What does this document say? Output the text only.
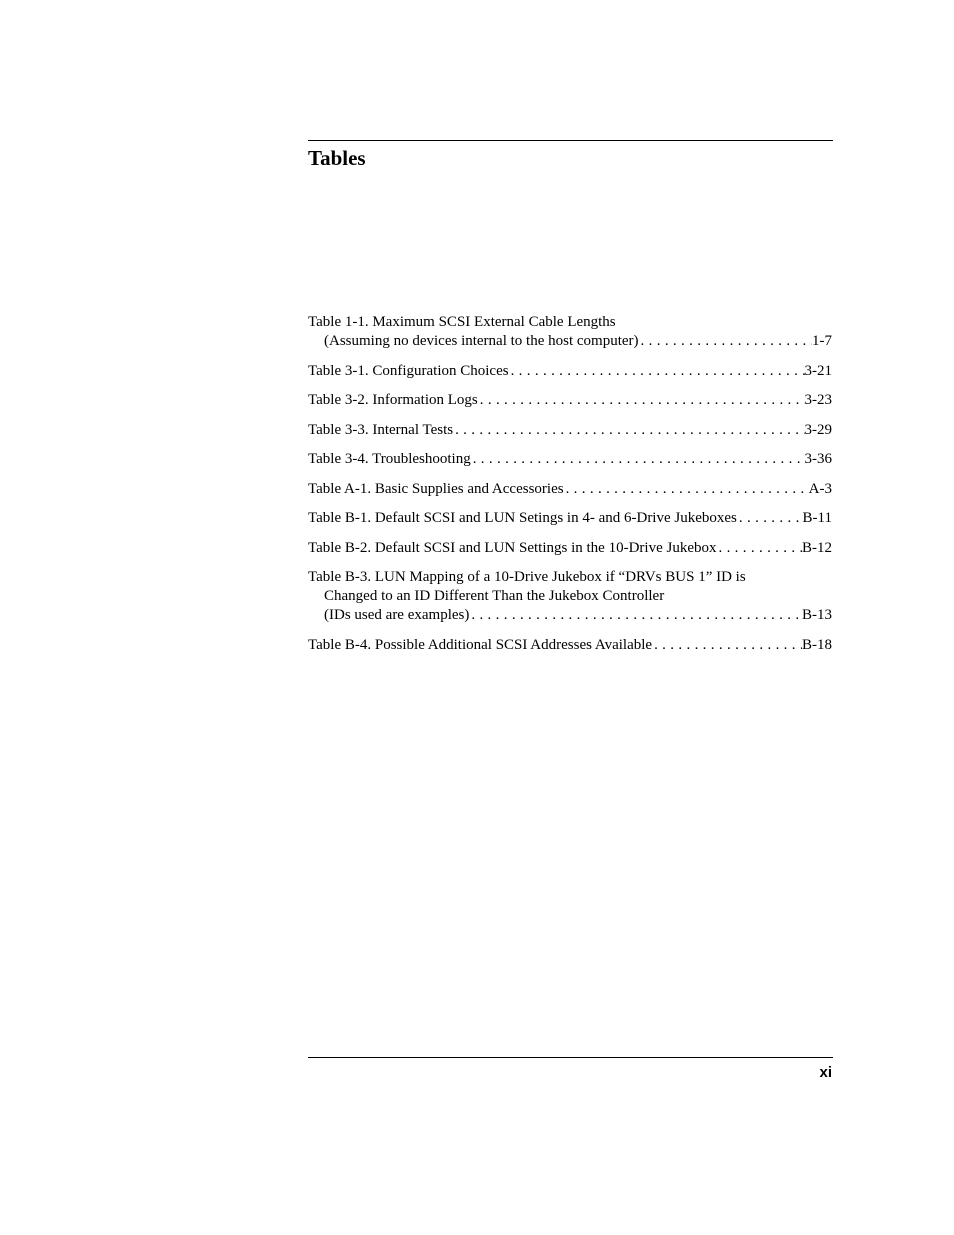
Tables
Table 1-1. Maximum SCSI External Cable Lengths
(Assuming no devices internal to the host computer) . . .	1-7
Table 3-1. Configuration Choices . . .	3-21
Table 3-2. Information Logs . . .	3-23
Table 3-3. Internal Tests . . .	3-29
Table 3-4. Troubleshooting . . .	3-36
Table A-1. Basic Supplies and Accessories . . .	A-3
Table B-1. Default SCSI and LUN Setings in 4- and 6-Drive Jukeboxes . . .	B-11
Table B-2. Default SCSI and LUN Settings in the 10-Drive Jukebox . . .	B-12
Table B-3. LUN Mapping of a 10-Drive Jukebox if “DRVs BUS 1” ID is
Changed to an ID Different Than the Jukebox Controller
(IDs used are examples) . . .	B-13
Table B-4. Possible Additional SCSI Addresses Available . . .	B-18
xi
